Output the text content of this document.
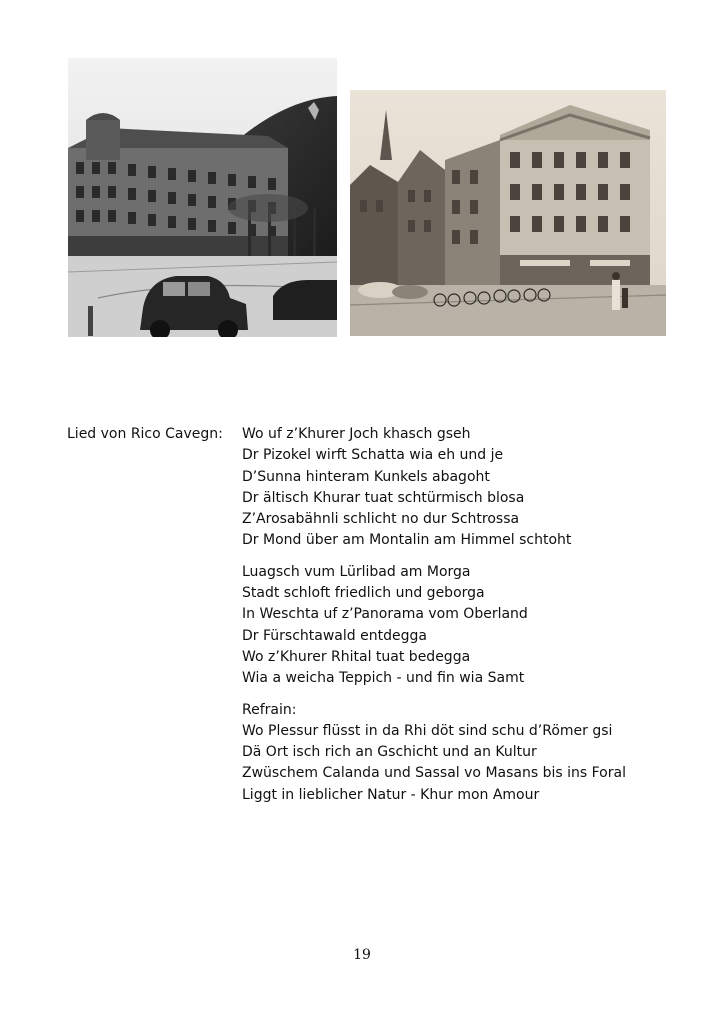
Lied von Rico Cavegn: Wo uf z’Khurer Joch khasch gseh
Dr Pizokel wirft Schatta wia eh und je
D’Sunna hinteram Kunkels abagoht
Dr ältisch Khurar tuat schtürmisch blosa
Z’Arosabähnli schlicht no dur Schtrossa
Dr Mond über am Montalin am Himmel schtoht
Luagsch vum Lürlibad am Morga
Stadt schloft friedlich und geborga
In Weschta uf z’Panorama vom Oberland
Dr Fürschtawald entdegga
Wo z’Khurer Rhital tuat bedegga
Wia a weicha Teppich - und fin wia Samt
Refrain:
Wo Plessur flüsst in da Rhi döt sind schu d’Römer gsi
Dä Ort isch rich an Gschicht und an Kultur
Zwüschem Calanda und Sassal vo Masans bis ins Foral
Liggt in lieblicher Natur - Khur mon Amour
19
